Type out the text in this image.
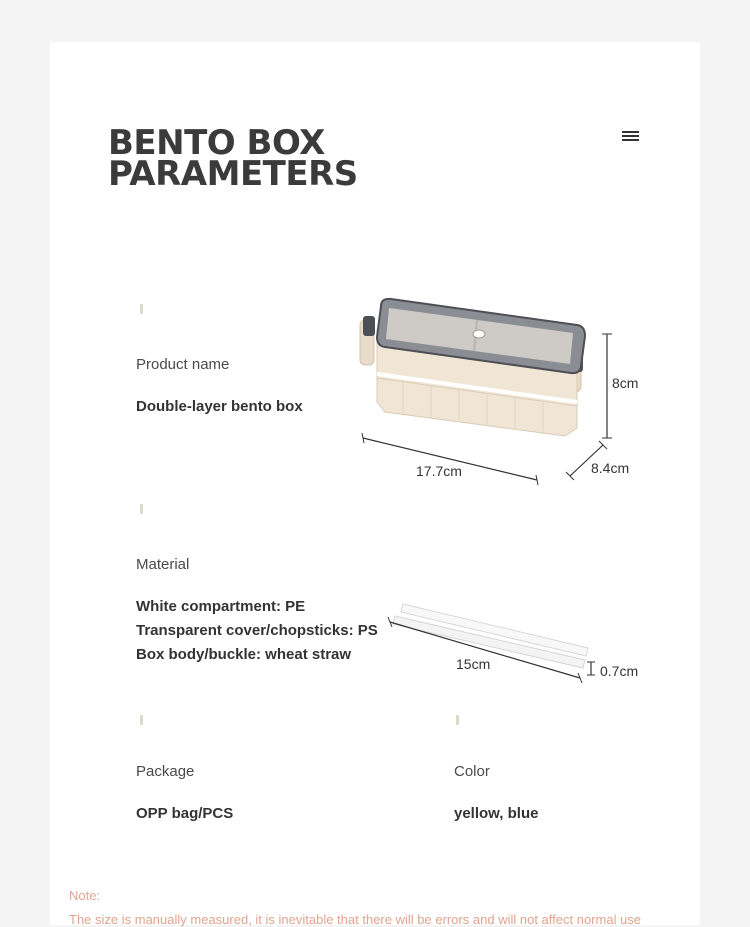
BENTO BOX
PARAMETERS
Product name
Double-layer bento box
8cm
17.7cm	8.4cm
Material
White compartment: PE
Transparent cover/chopsticks: PS
Box body/buckle: wheat straw
15cm	0.7cm
Package
OPP bag/PCS
Color
yellow, blue
Note:
The size is manually measured, it is inevitable that there will be errors and will not affect normal use
